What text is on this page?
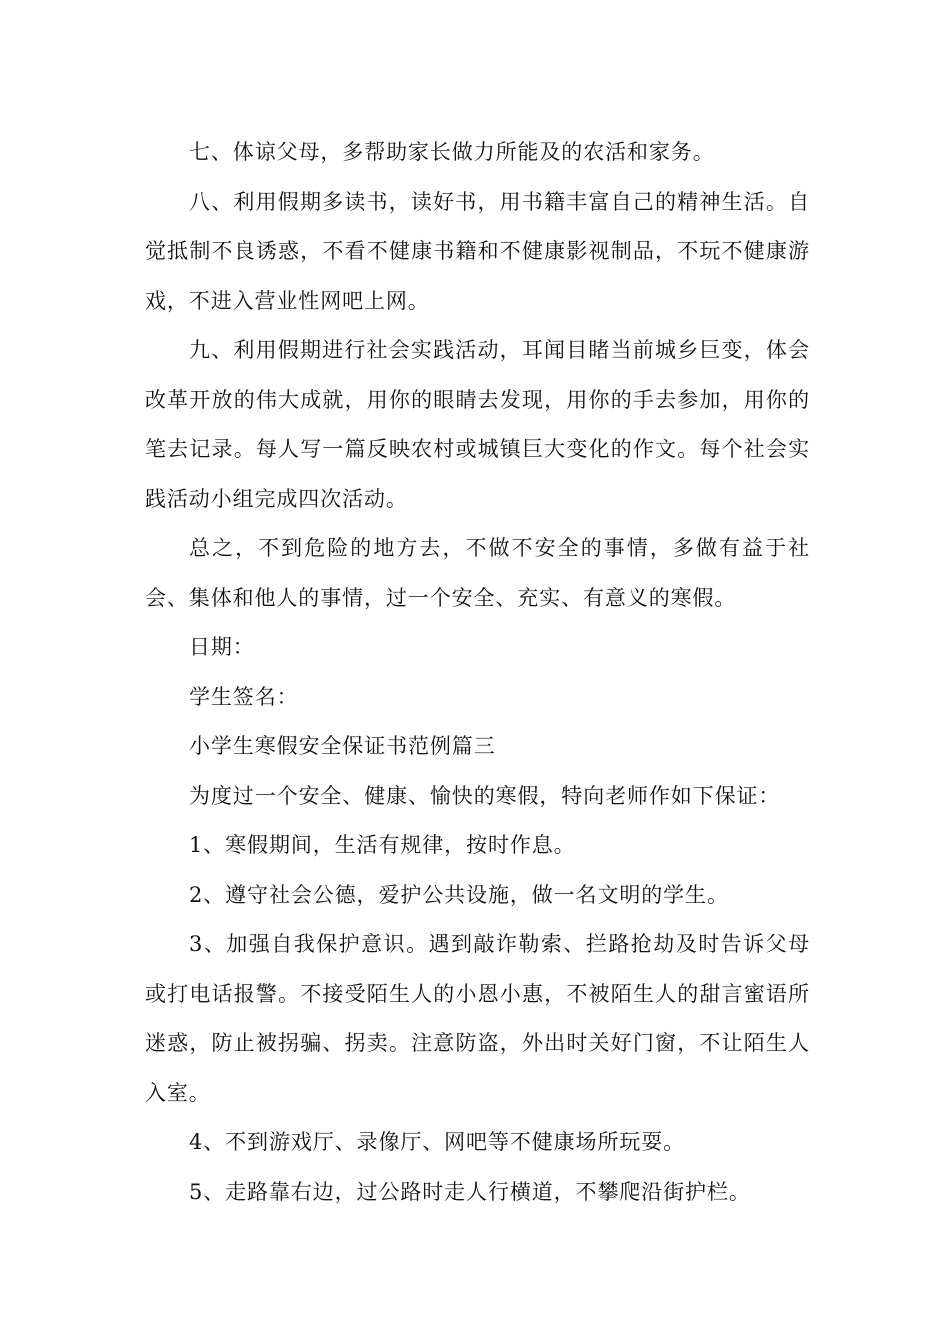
七、体谅父母，多帮助家长做力所能及的农活和家务。

八、利用假期多读书，读好书，用书籍丰富自己的精神生活。自觉抵制不良诱惑，不看不健康书籍和不健康影视制品，不玩不健康游戏，不进入营业性网吧上网。

九、利用假期进行社会实践活动，耳闻目睹当前城乡巨变，体会改革开放的伟大成就，用你的眼睛去发现，用你的手去参加，用你的笔去记录。每人写一篇反映农村或城镇巨大变化的作文。每个社会实践活动小组完成四次活动。

总之，不到危险的地方去，不做不安全的事情，多做有益于社会、集体和他人的事情，过一个安全、充实、有意义的寒假。

日期：

学生签名：

小学生寒假安全保证书范例篇三

为度过一个安全、健康、愉快的寒假，特向老师作如下保证：

1、寒假期间，生活有规律，按时作息。

2、遵守社会公德，爱护公共设施，做一名文明的学生。

3、加强自我保护意识。遇到敲诈勒索、拦路抢劫及时告诉父母或打电话报警。不接受陌生人的小恩小惠，不被陌生人的甜言蜜语所迷惑，防止被拐骗、拐卖。注意防盗，外出时关好门窗，不让陌生人入室。

4、不到游戏厅、录像厅、网吧等不健康场所玩耍。

5、走路靠右边，过公路时走人行横道，不攀爬沿街护栏。
